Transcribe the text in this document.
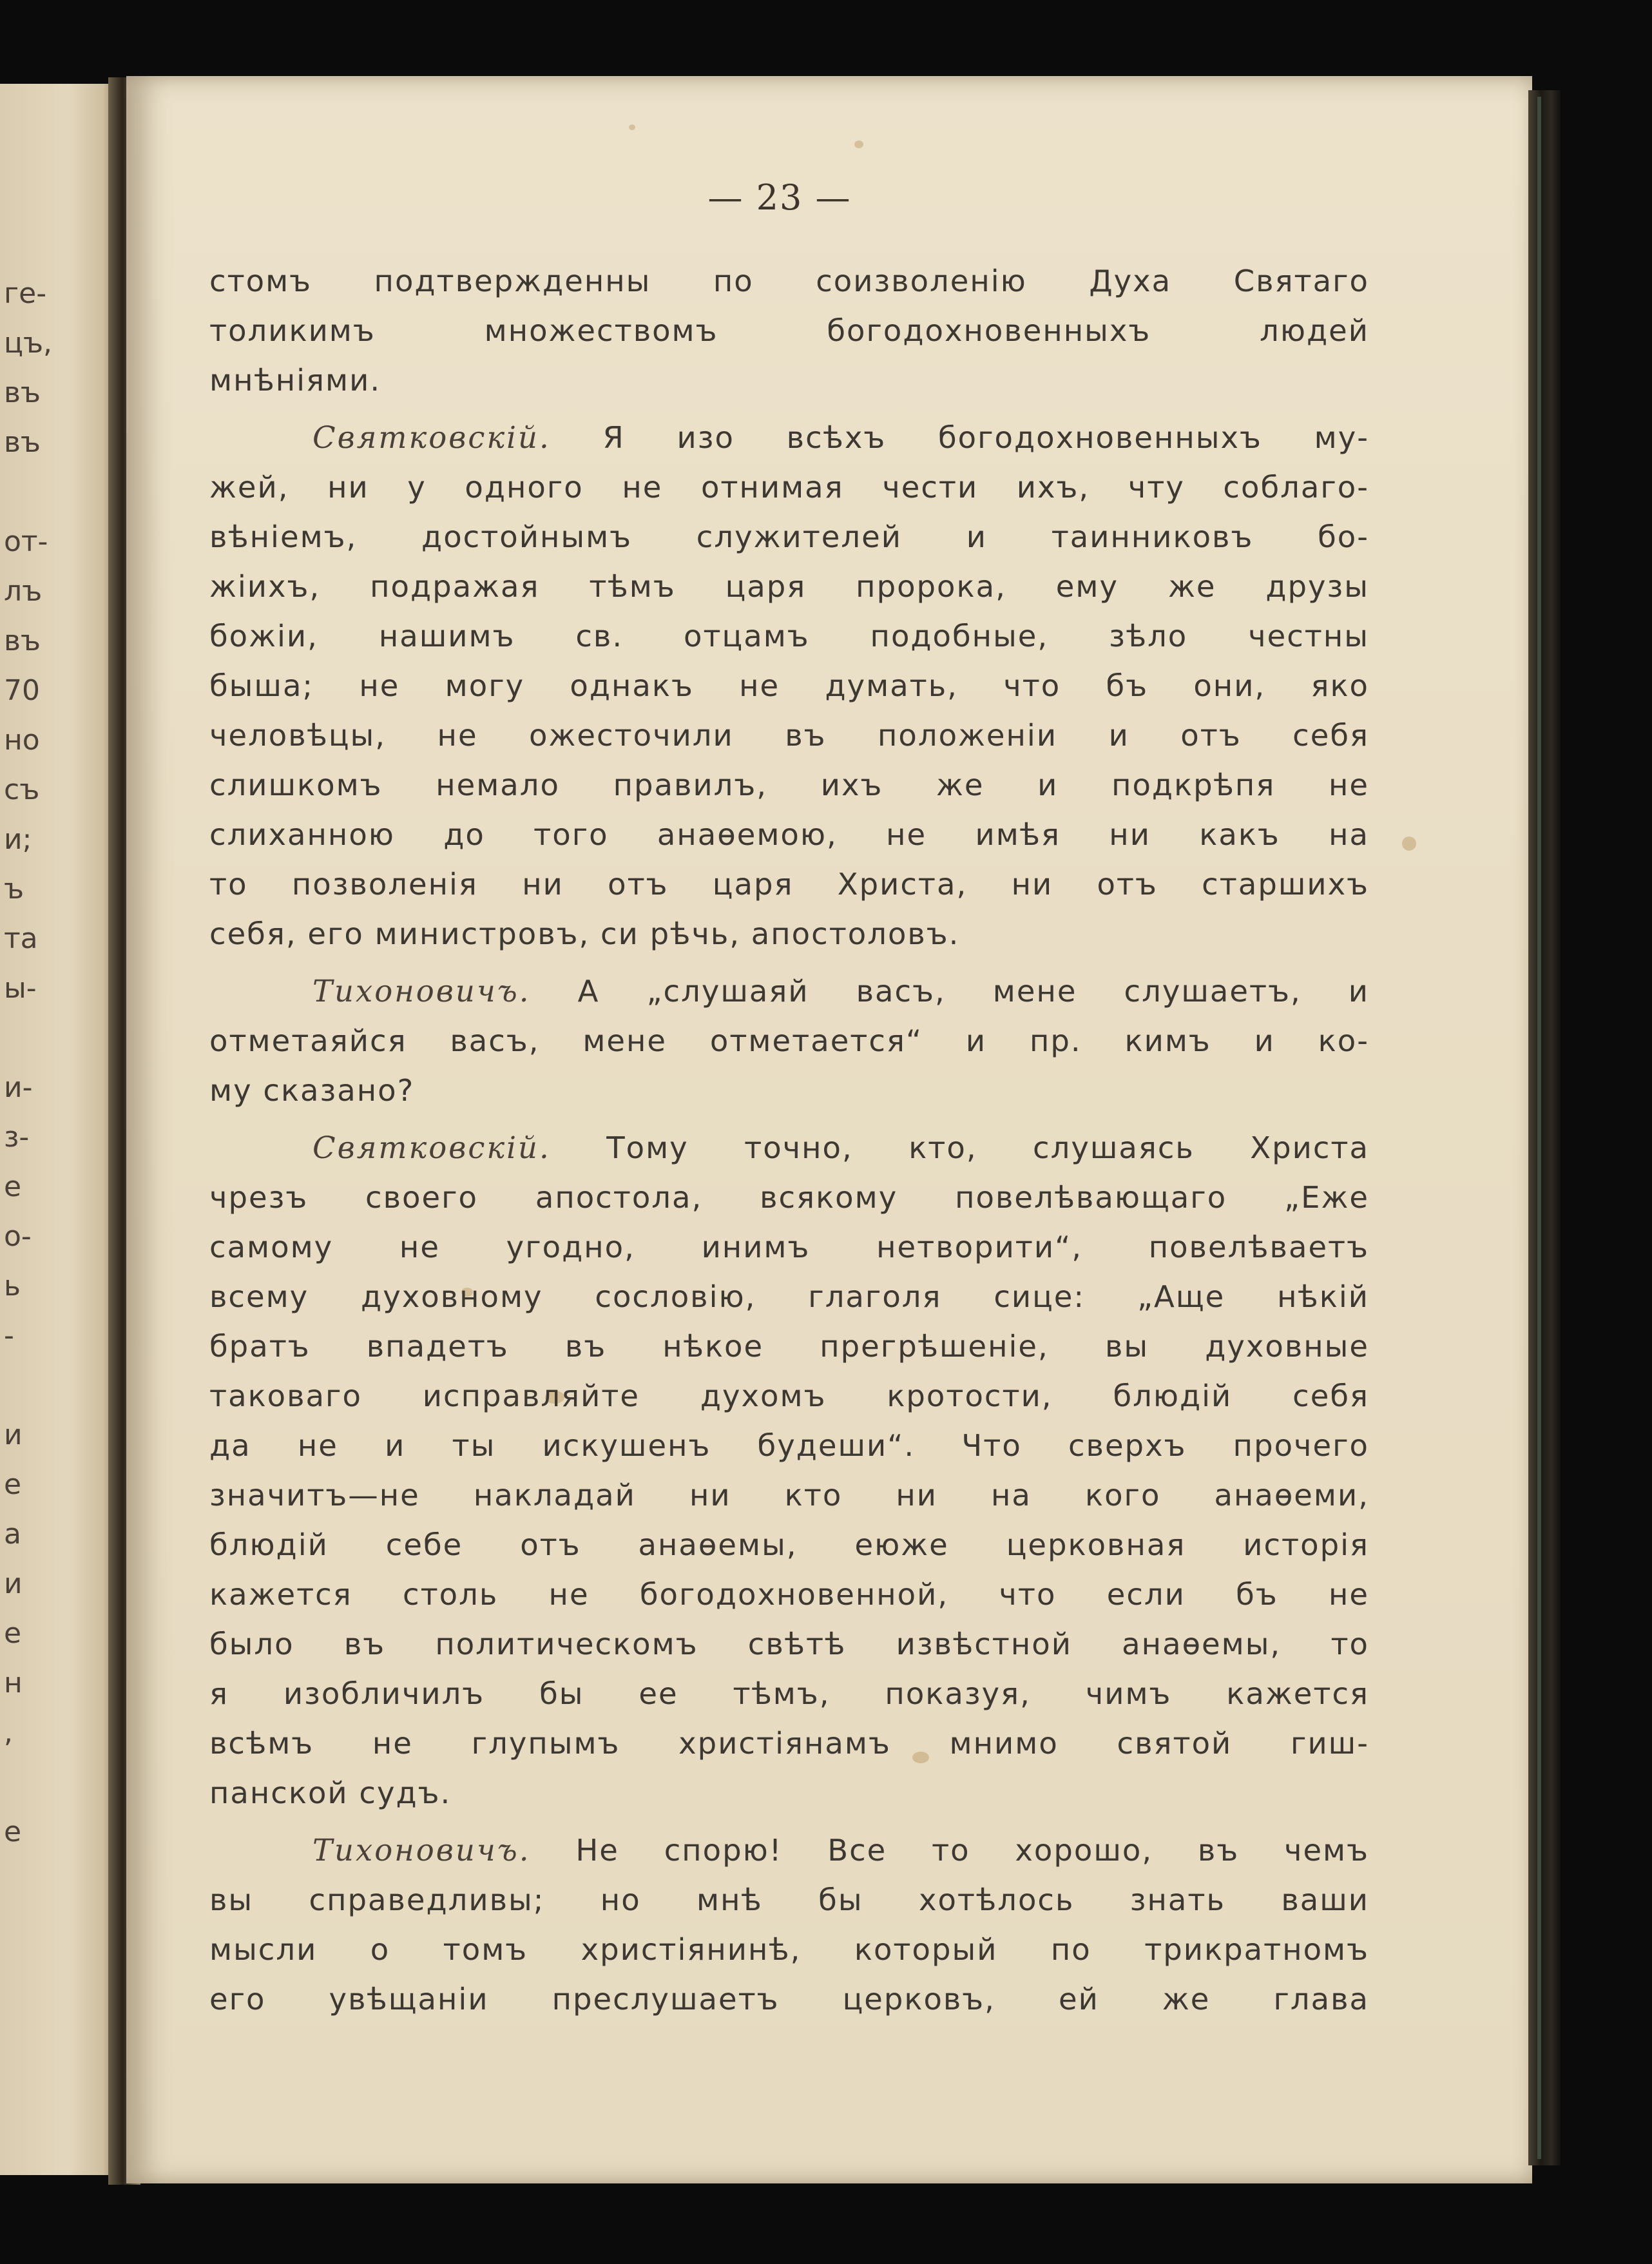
ге-
цъ,
въ
въ
от-
лъ
въ
70
но
съ
и;
ъ
та
ы-
и-
з-
е
о-
ь
-
и
е
а
и
е
н
,
е
— 23 —
стомъ подтвержденны по соизволенію Духа Святаго
толикимъ множествомъ богодохновенныхъ людей
мнѣніями.
Святковскій. Я изо всѣхъ богодохновенныхъ му-
жей, ни у одного не отнимая чести ихъ, чту соблаго-
вѣніемъ, достойнымъ служителей и таинниковъ бо-
жіихъ, подражая тѣмъ царя пророка, ему же друзы
божіи, нашимъ св. отцамъ подобные, зѣло честны
быша; не могу однакъ не думать, что бъ они, яко
человѣцы, не ожесточили въ положеніи и отъ себя
слишкомъ немало правилъ, ихъ же и подкрѣпя не
слиханною до того анаѳемою, не имѣя ни какъ на
то позволенія ни отъ царя Христа, ни отъ старшихъ
себя, его министровъ, си рѣчь, апостоловъ.
Тихоновичъ. А „слушаяй васъ, мене слушаетъ, и
отметаяйся васъ, мене отметается“ и пр. кимъ и ко-
му сказано?
Святковскій. Тому точно, кто, слушаясь Христа
чрезъ своего апостола, всякому повелѣвающаго „Еже
самому не угодно, инимъ нетворити“, повелѣваетъ
всему духовному сословію, глаголя сице: „Аще нѣкій
братъ впадетъ въ нѣкое прегрѣшеніе, вы духовные
таковаго исправляйте духомъ кротости, блюдій себя
да не и ты искушенъ будеши“. Что сверхъ прочего
значитъ—не накладай ни кто ни на кого анаѳеми,
блюдій себе отъ анаѳемы, еюже церковная исторія
кажется столь не богодохновенной, что если бъ не
было въ политическомъ свѣтѣ извѣстной анаѳемы, то
я изобличилъ бы ее тѣмъ, показуя, чимъ кажется
всѣмъ не глупымъ христіянамъ мнимо святой гиш-
панской судъ.
Тихоновичъ. Не спорю! Все то хорошо, въ чемъ
вы справедливы; но мнѣ бы хотѣлось знать ваши
мысли о томъ христіянинѣ, который по трикратномъ
его увѣщаніи преслушаетъ церковъ, ей же глава
